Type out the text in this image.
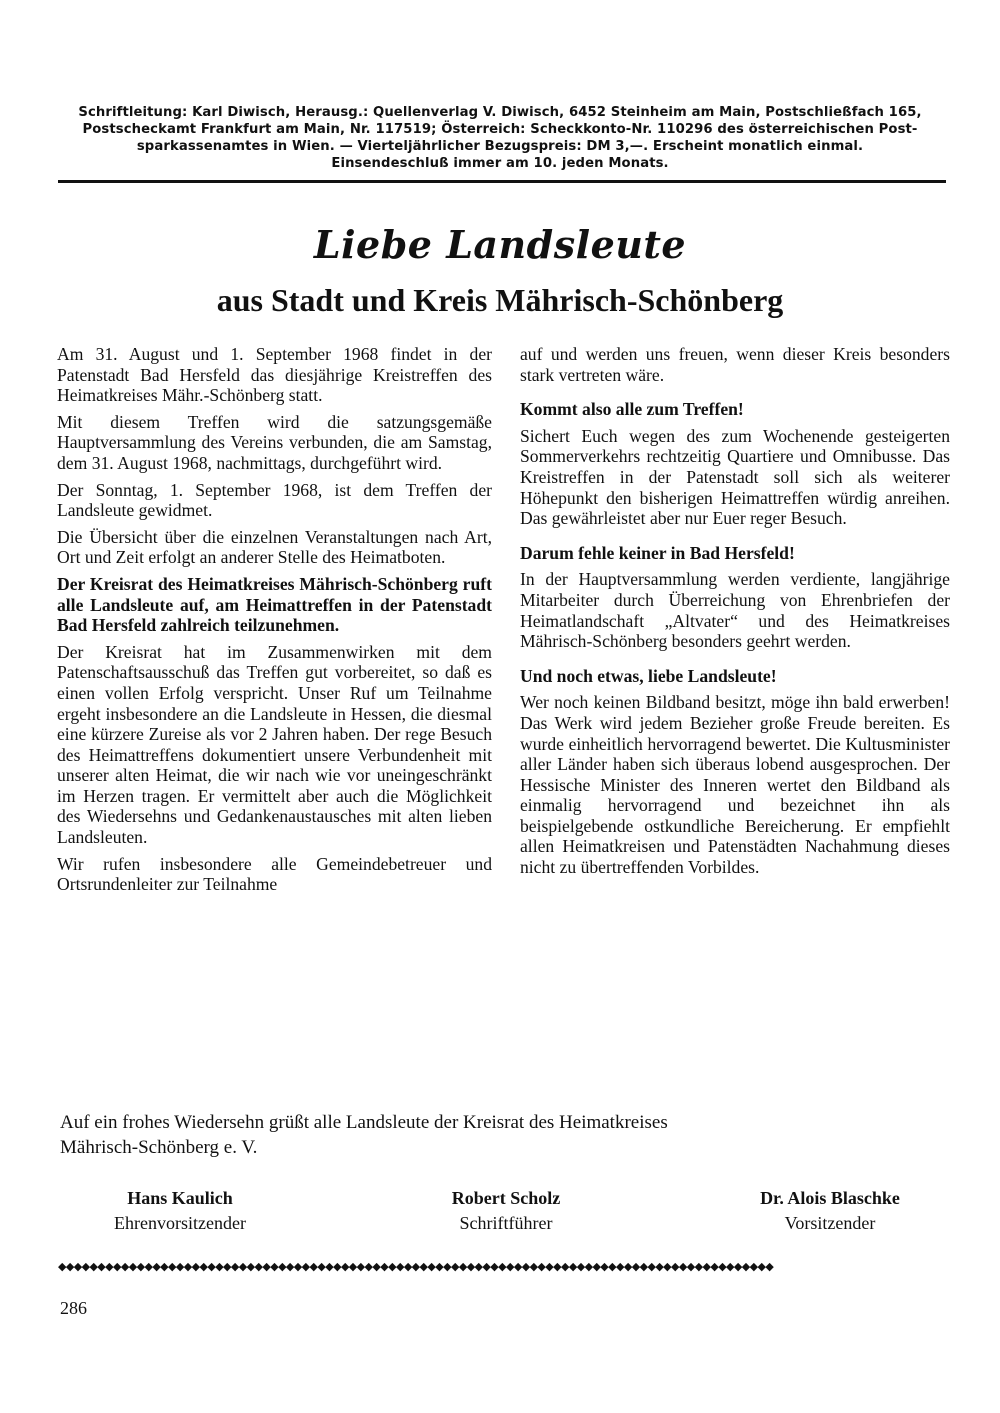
Schriftleitung: Karl Diwisch, Herausg.: Quellenverlag V. Diwisch, 6452 Steinheim am Main, Postschließfach 165,

Postscheckamt Frankfurt am Main, Nr. 117519; Österreich: Scheckkonto-Nr. 110296 des österreichischen Post-

sparkassenamtes in Wien. — Vierteljährlicher Bezugspreis: DM 3,—. Erscheint monatlich einmal.

Einsendeschluß immer am 10. jeden Monats.

Liebe Landsleute
aus Stadt und Kreis Mährisch-Schönberg

Am 31. August und 1. September 1968 findet in der Patenstadt Bad Hersfeld das diesjährige Kreistreffen des Heimatkreises Mähr.-Schönberg statt.

Mit diesem Treffen wird die satzungsgemäße Hauptversammlung des Vereins verbunden, die am Samstag, dem 31. August 1968, nachmittags, durchgeführt wird.

Der Sonntag, 1. September 1968, ist dem Treffen der Landsleute gewidmet.

Die Übersicht über die einzelnen Veranstaltungen nach Art, Ort und Zeit erfolgt an anderer Stelle des Heimatboten.

Der Kreisrat des Heimatkreises Mährisch-Schönberg ruft alle Landsleute auf, am Heimattreffen in der Patenstadt Bad Hersfeld zahlreich teilzunehmen.

Der Kreisrat hat im Zusammenwirken mit dem Patenschaftsausschuß das Treffen gut vorbereitet, so daß es einen vollen Erfolg verspricht. Unser Ruf um Teilnahme ergeht insbesondere an die Landsleute in Hessen, die diesmal eine kürzere Zureise als vor 2 Jahren haben. Der rege Besuch des Heimattreffens dokumentiert unsere Verbundenheit mit unserer alten Heimat, die wir nach wie vor uneingeschränkt im Herzen tragen. Er vermittelt aber auch die Möglichkeit des Wiedersehns und Gedankenaustausches mit alten lieben Landsleuten.

Wir rufen insbesondere alle Gemeindebetreuer und Ortsrundenleiter zur Teilnahme

auf und werden uns freuen, wenn dieser Kreis besonders stark vertreten wäre.

Kommt also alle zum Treffen!

Sichert Euch wegen des zum Wochenende gesteigerten Sommerverkehrs rechtzeitig Quartiere und Omnibusse. Das Kreistreffen in der Patenstadt soll sich als weiterer Höhepunkt den bisherigen Heimattreffen würdig anreihen. Das gewährleistet aber nur Euer reger Besuch.

Darum fehle keiner in Bad Hersfeld!

In der Hauptversammlung werden verdiente, langjährige Mitarbeiter durch Überreichung von Ehrenbriefen der Heimatlandschaft „Altvater“ und des Heimatkreises Mährisch-Schönberg besonders geehrt werden.

Und noch etwas, liebe Landsleute!

Wer noch keinen Bildband besitzt, möge ihn bald erwerben! Das Werk wird jedem Bezieher große Freude bereiten. Es wurde einheitlich hervorragend bewertet. Die Kultusminister aller Länder haben sich überaus lobend ausgesprochen. Der Hessische Minister des Inneren wertet den Bildband als einmalig hervorragend und bezeichnet ihn als beispielgebende ostkundliche Bereicherung. Er empfiehlt allen Heimatkreisen und Patenstädten Nachahmung dieses nicht zu übertreffenden Vorbildes.

Auf ein frohes Wiedersehn grüßt alle Landsleute der Kreisrat des Heimatkreises

Mährisch-Schönberg e. V.

Hans Kaulich
Ehrenvorsitzender
Robert Scholz
Schriftführer
Dr. Alois Blaschke
Vorsitzender
◆◆◆◆◆◆◆◆◆◆◆◆◆◆◆◆◆◆◆◆◆◆◆◆◆◆◆◆◆◆◆◆◆◆◆◆◆◆◆◆◆◆◆◆◆◆◆◆◆◆◆◆◆◆◆◆◆◆◆◆◆◆◆◆◆◆◆◆◆◆◆◆◆◆◆◆◆◆◆◆◆◆◆◆◆◆◆◆◆◆◆
286
